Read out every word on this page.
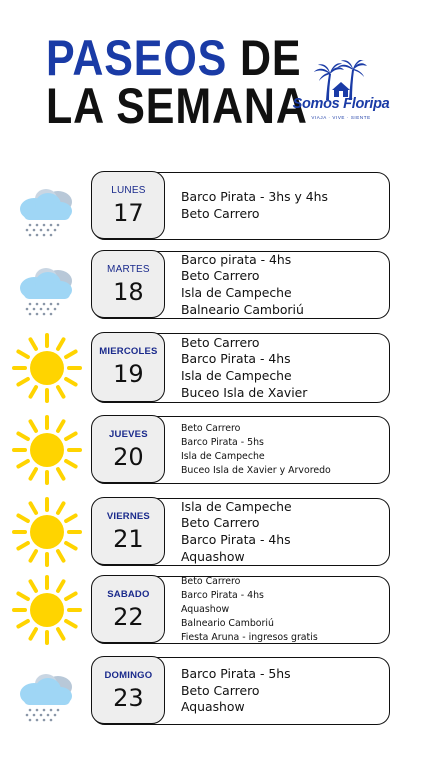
PASEOS DE
LA SEMANA
Somos Floripa
VIAJA · VIVE · SIENTE
LUNES
17
Barco Pirata - 3hs y 4hs
Beto Carrero
MARTES
18
Barco pirata - 4hs
Beto Carrero
Isla de Campeche
Balneario Camboriú
MIERCOLES
19
Beto Carrero
Barco Pirata - 4hs
Isla de Campeche
Buceo Isla de Xavier
JUEVES
20
Beto Carrero
Barco Pirata - 5hs
Isla de Campeche
Buceo Isla de Xavier y Arvoredo
VIERNES
21
Isla de Campeche
Beto Carrero
Barco Pirata - 4hs
Aquashow
SABADO
22
Beto Carrero
Barco Pirata - 4hs
Aquashow
Balneario Camboriú
Fiesta Aruna - ingresos gratis
DOMINGO
23
Barco Pirata - 5hs
Beto Carrero
Aquashow
